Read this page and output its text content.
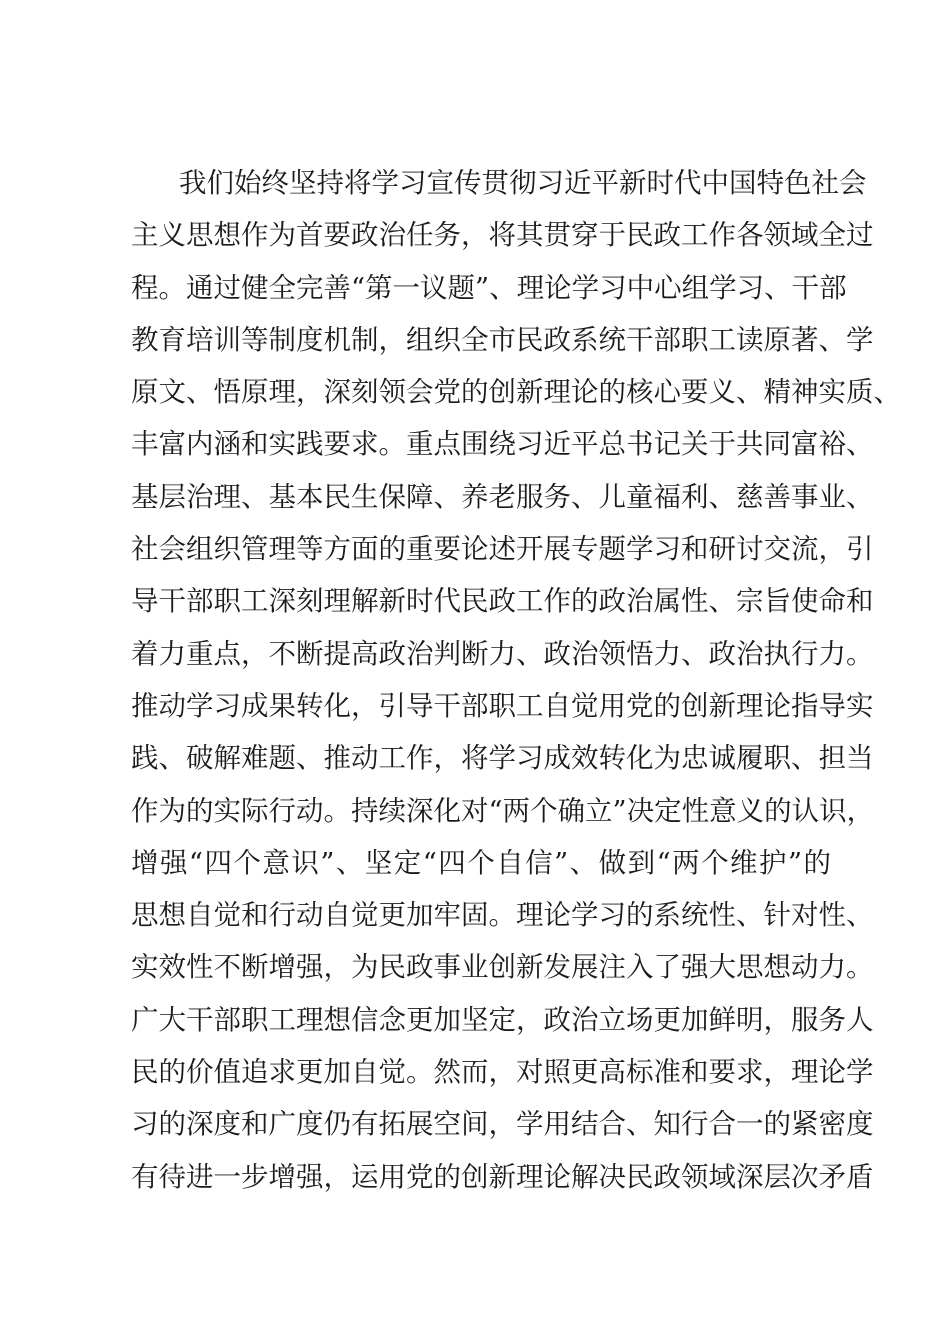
我们始终坚持将学习宣传贯彻习近平新时代中国特色社会
主义思想作为首要政治任务，将其贯穿于民政工作各领域全过
程。通过健全完善“第一议题”、理论学习中心组学习、干部
教育培训等制度机制，组织全市民政系统干部职工读原著、学
原文、悟原理，深刻领会党的创新理论的核心要义、精神实质、
丰富内涵和实践要求。重点围绕习近平总书记关于共同富裕、
基层治理、基本民生保障、养老服务、儿童福利、慈善事业、
社会组织管理等方面的重要论述开展专题学习和研讨交流，引
导干部职工深刻理解新时代民政工作的政治属性、宗旨使命和
着力重点，不断提高政治判断力、政治领悟力、政治执行力。
推动学习成果转化，引导干部职工自觉用党的创新理论指导实
践、破解难题、推动工作，将学习成效转化为忠诚履职、担当
作为的实际行动。持续深化对“两个确立”决定性意义的认识，
增强“四个意识”、坚定“四个自信”、做到“两个维护”的
思想自觉和行动自觉更加牢固。理论学习的系统性、针对性、
实效性不断增强，为民政事业创新发展注入了强大思想动力。
广大干部职工理想信念更加坚定，政治立场更加鲜明，服务人
民的价值追求更加自觉。然而，对照更高标准和要求，理论学
习的深度和广度仍有拓展空间，学用结合、知行合一的紧密度
有待进一步增强，运用党的创新理论解决民政领域深层次矛盾
